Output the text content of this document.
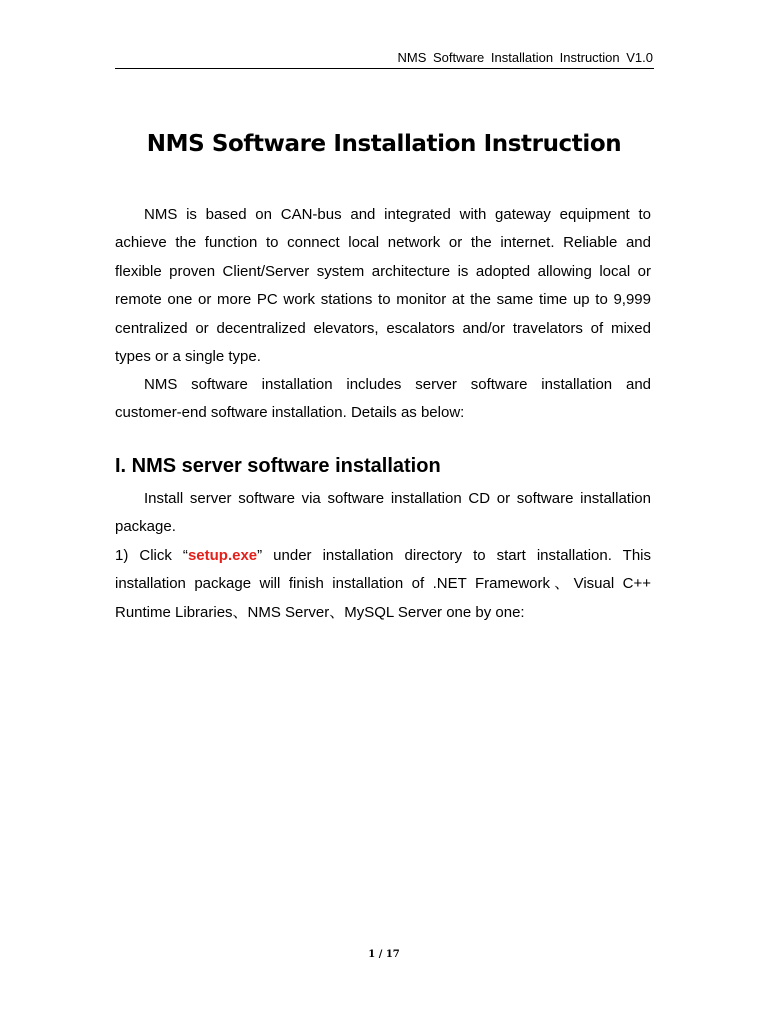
NMS Software Installation Instruction V1.0
NMS Software Installation Instruction

NMS is based on CAN-bus and integrated with gateway equipment to achieve the function to connect local network or the internet. Reliable and flexible proven Client/Server system architecture is adopted allowing local or remote one or more PC work stations to monitor at the same time up to 9,999 centralized or decentralized elevators, escalators and/or travelators of mixed types or a single type.

NMS software installation includes server software installation and customer-end software installation. Details as below:

I. NMS server software installation

Install server software via software installation CD or software installation package.

1) Click “setup.exe” under installation directory to start installation. This installation package will finish installation of .NET Framework、Visual C++ Runtime Libraries、NMS Server、MySQL Server one by one:

1 / 17
